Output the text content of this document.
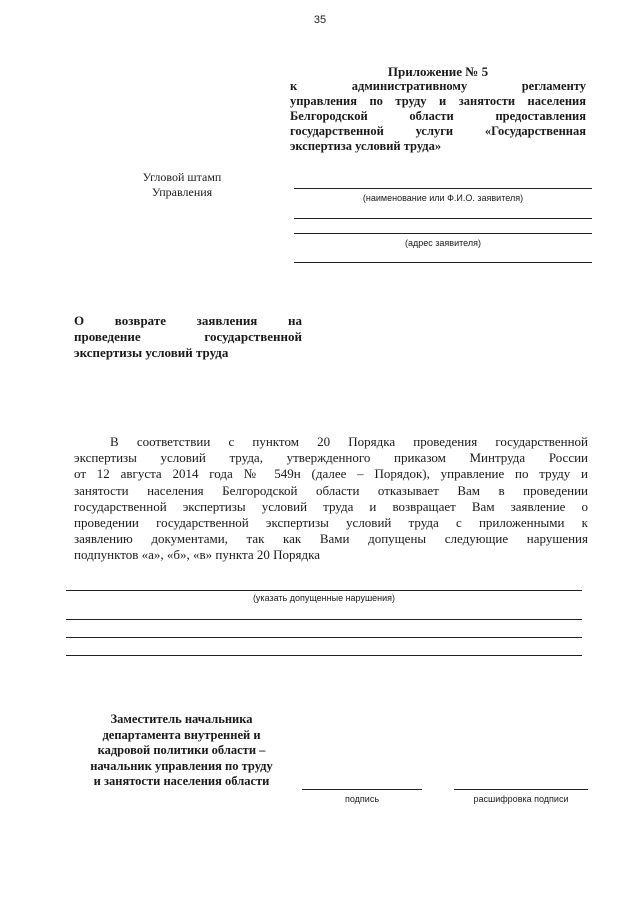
35
Приложение № 5
к административному регламенту
управления по труду и занятости населения
Белгородской области предоставления
государственной услуги «Государственная
экспертиза условий труда»
Угловой штамп
Управления	(наименование или Ф.И.О. заявителя)
(адрес заявителя)
О возврате заявления на
проведение государственной
экспертизы условий труда
В соответствии с пунктом 20 Порядка проведения государственной
экспертизы условий труда, утвержденного приказом Минтруда России
от 12 августа 2014 года № 549н (далее – Порядок), управление по труду и
занятости населения Белгородской области отказывает Вам в проведении
государственной экспертизы условий труда и возвращает Вам заявление о
проведении государственной экспертизы условий труда с приложенными к
заявлению документами, так как Вами допущены следующие нарушения
подпунктов «а», «б», «в» пункта 20 Порядка
(указать допущенные нарушения)
Заместитель начальника
департамента внутренней и
кадровой политики области –
начальник управления по труду
и занятости населения области
подпись	расшифровка подписи
